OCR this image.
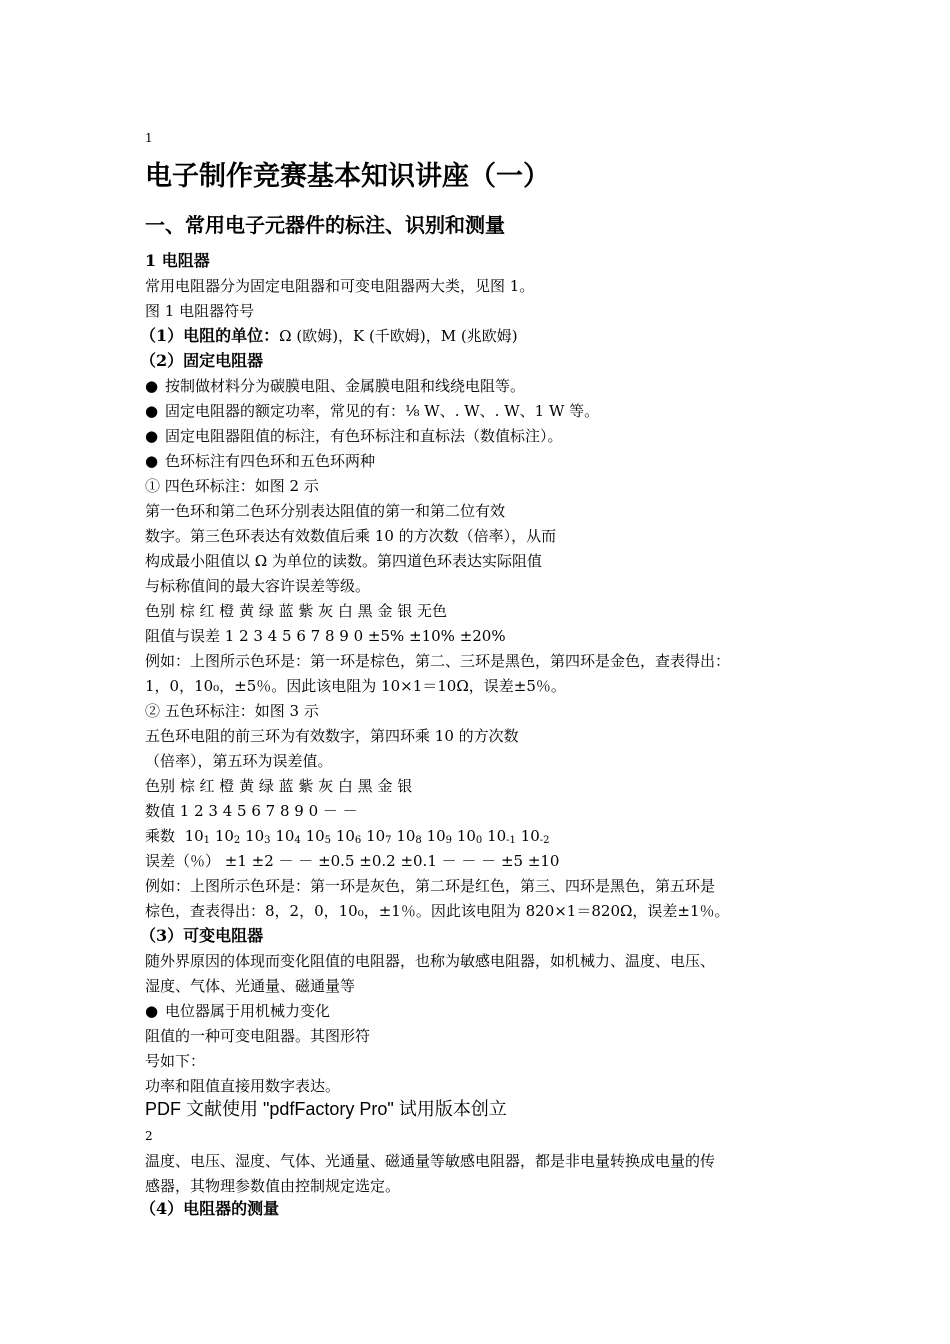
1
电子制作竞赛基本知识讲座（一）
一、常用电子元器件的标注、识别和测量
1 电阻器
常用电阻器分为固定电阻器和可变电阻器两大类，见图 1。
图 1 电阻器符号
（1）电阻的单位：Ω (欧姆)，K (千欧姆)，M (兆欧姆)
（2）固定电阻器
● 按制做材料分为碳膜电阻、金属膜电阻和线绕电阻等。
● 固定电阻器的额定功率，常见的有：⅛ W、. W、. W、1 W 等。
● 固定电阻器阻值的标注，有色环标注和直标法（数值标注）。
● 色环标注有四色环和五色环两种
① 四色环标注：如图 2 示
第一色环和第二色环分别表达阻值的第一和第二位有效
数字。第三色环表达有效数值后乘 10 的方次数（倍率），从而
构成最小阻值以 Ω 为单位的读数。第四道色环表达实际阻值
与标称值间的最大容许误差等级。
色别 棕 红 橙 黄 绿 蓝 紫 灰 白 黑 金 银 无色
阻值与误差 1 2 3 4 5 6 7 8 9 0 ±5% ±10% ±20%
例如：上图所示色环是：第一环是棕色，第二、三环是黑色，第四环是金色，查表得出：
1，0，10₀，±5％。因此该电阻为 10×1＝10Ω，误差±5％。
② 五色环标注：如图 3 示
五色环电阻的前三环为有效数字，第四环乘 10 的方次数
（倍率），第五环为误差值。
色别 棕 红 橙 黄 绿 蓝 紫 灰 白 黑 金 银
数值 1 2 3 4 5 6 7 8 9 0 － －
乘数 $10_1$ $10_2$ $10_3$ $10_4$ $10_5$ $10_6$ $10_7$ $10_8$ $10_9$ $10_0$ $10_{-1}$ $10_{-2}$
误差（％） ±1 ±2 － － ±0.5 ±0.2 ±0.1 － － － ±5 ±10
例如：上图所示色环是：第一环是灰色，第二环是红色，第三、四环是黑色，第五环是
棕色，查表得出：8，2，0，10₀，±1％。因此该电阻为 820×1＝820Ω，误差±1％。
（3）可变电阻器
随外界原因的体现而变化阻值的电阻器，也称为敏感电阻器，如机械力、温度、电压、
湿度、气体、光通量、磁通量等
● 电位器属于用机械力变化
阻值的一种可变电阻器。其图形符
号如下：
功率和阻值直接用数字表达。
PDF 文献使用 "pdfFactory Pro" 试用版本创立
2
温度、电压、湿度、气体、光通量、磁通量等敏感电阻器，都是非电量转换成电量的传
感器，其物理参数值由控制规定选定。
（4）电阻器的测量
